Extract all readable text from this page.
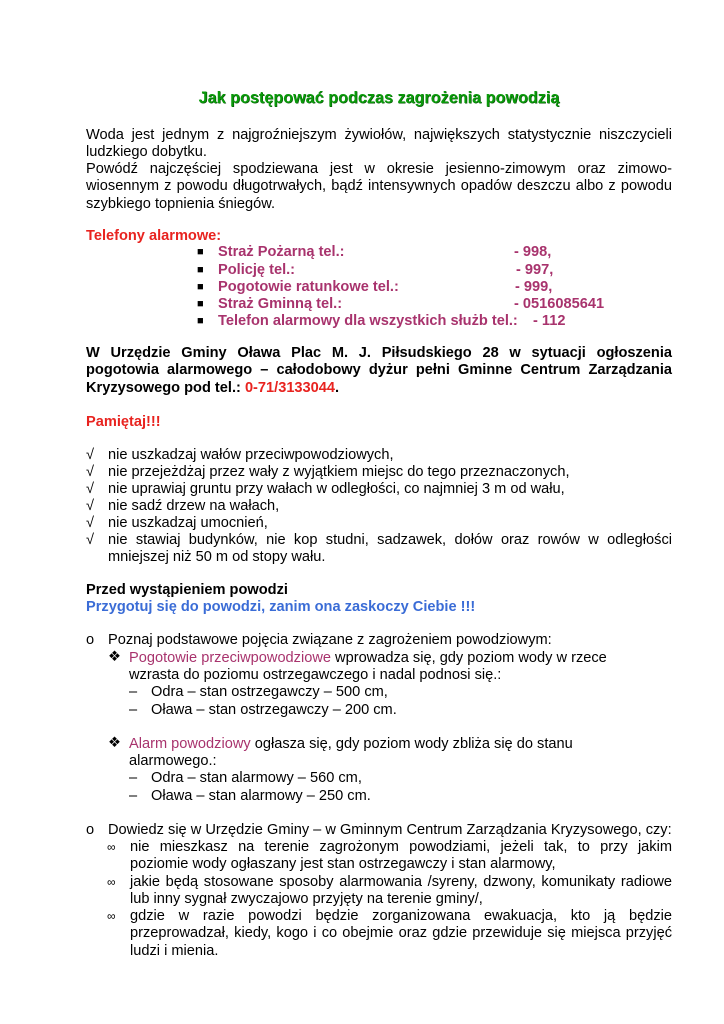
Jak postępować podczas zagrożenia powodzią
Woda jest jednym z najgroźniejszym żywiołów, największych statystycznie niszczycieli ludzkiego dobytku.
Powódź najczęściej spodziewana jest w okresie jesienno-zimowym oraz zimowo-wiosennym z powodu długotrwałych, bądź intensywnych opadów deszczu albo z powodu szybkiego topnienia śniegów.
Telefony alarmowe:
■ Straż Pożarną tel.:	- 998,
■ Policję tel.:	- 997,
■ Pogotowie ratunkowe tel.:	- 999,
■ Straż Gminną tel.:	- 0516085641
■ Telefon alarmowy dla wszystkich służb tel.: - 112
W Urzędzie Gminy Oława Plac M. J. Piłsudskiego 28 w sytuacji ogłoszenia pogotowia alarmowego – całodobowy dyżur pełni Gminne Centrum Zarządzania Kryzysowego pod tel.: 0-71/3133044.
Pamiętaj!!!
√ nie uszkadzaj wałów przeciwpowodziowych,
√ nie przejeżdżaj przez wały z wyjątkiem miejsc do tego przeznaczonych,
√ nie uprawiaj gruntu przy wałach w odległości, co najmniej 3 m od wału,
√ nie sadź drzew na wałach,
√ nie uszkadzaj umocnień,
√ nie stawiaj budynków, nie kop studni, sadzawek, dołów oraz rowów w odległości mniejszej niż 50 m od stopy wału.
Przed wystąpieniem powodzi
Przygotuj się do powodzi, zanim ona zaskoczy Ciebie !!!
o Poznaj podstawowe pojęcia związane z zagrożeniem powodziowym:
❖ Pogotowie przeciwpowodziowe wprowadza się, gdy poziom wody w rzece wzrasta do poziomu ostrzegawczego i nadal podnosi się.:
– Odra – stan ostrzegawczy – 500 cm,
– Oława – stan ostrzegawczy – 200 cm.
❖ Alarm powodziowy ogłasza się, gdy poziom wody zbliża się do stanu alarmowego.:
– Odra – stan alarmowy – 560 cm,
– Oława – stan alarmowy – 250 cm.
o Dowiedz się w Urzędzie Gminy – w Gminnym Centrum Zarządzania Kryzysowego, czy:
∞ nie mieszkasz na terenie zagrożonym powodziami, jeżeli tak, to przy jakim poziomie wody ogłaszany jest stan ostrzegawczy i stan alarmowy,
∞ jakie będą stosowane sposoby alarmowania /syreny, dzwony, komunikaty radiowe lub inny sygnał zwyczajowo przyjęty na terenie gminy/,
∞ gdzie w razie powodzi będzie zorganizowana ewakuacja, kto ją będzie przeprowadzał, kiedy, kogo i co obejmie oraz gdzie przewiduje się miejsca przyjęć ludzi i mienia.
